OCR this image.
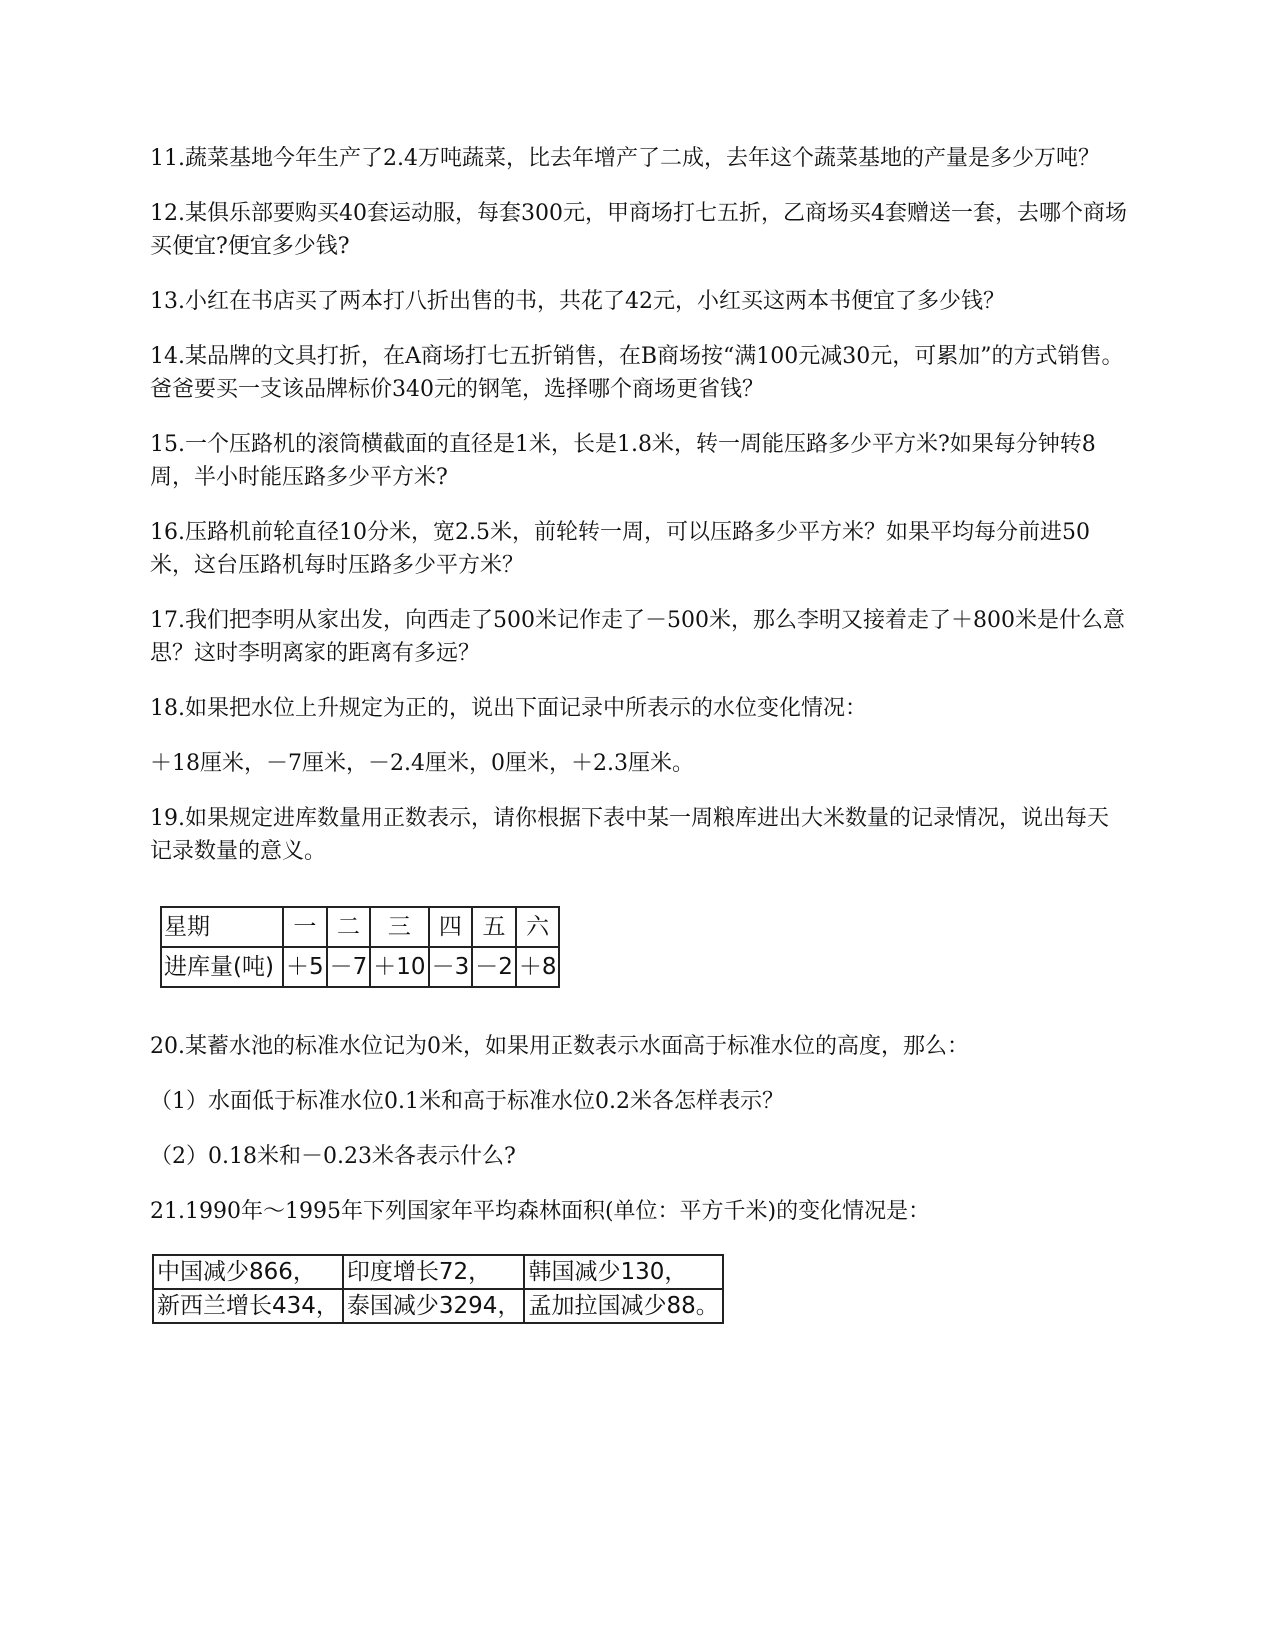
11.蔬菜基地今年生产了2.4万吨蔬菜，比去年增产了二成，去年这个蔬菜基地的产量是多少万吨？

12.某俱乐部要购买40套运动服，每套300元，甲商场打七五折，乙商场买4套赠送一套，去哪个商场买便宜?便宜多少钱?

13.小红在书店买了两本打八折出售的书，共花了42元，小红买这两本书便宜了多少钱？

14.某品牌的文具打折，在A商场打七五折销售，在B商场按“满100元减30元，可累加”的方式销售。爸爸要买一支该品牌标价340元的钢笔，选择哪个商场更省钱？

15.一个压路机的滚筒横截面的直径是1米，长是1.8米，转一周能压路多少平方米?如果每分钟转8周，半小时能压路多少平方米?

16.压路机前轮直径10分米，宽2.5米，前轮转一周，可以压路多少平方米？如果平均每分前进50米，这台压路机每时压路多少平方米？

17.我们把李明从家出发，向西走了500米记作走了－500米，那么李明又接着走了＋800米是什么意思？这时李明离家的距离有多远？

18.如果把水位上升规定为正的，说出下面记录中所表示的水位变化情况：

＋18厘米，－7厘米，－2.4厘米，0厘米，＋2.3厘米。

19.如果规定进库数量用正数表示，请你根据下表中某一周粮库进出大米数量的记录情况，说出每天记录数量的意义。

星期	一	二	三	四	五	六
进库量(吨)	＋5	－7	＋10	－3	－2	＋8

20.某蓄水池的标准水位记为0米，如果用正数表示水面高于标准水位的高度，那么：

（1）水面低于标准水位0.1米和高于标准水位0.2米各怎样表示？

（2）0.18米和－0.23米各表示什么?

21.1990年～1995年下列国家年平均森林面积(单位：平方千米)的变化情况是：

中国减少866，	印度增长72，	韩国减少130，
新西兰增长434，	泰国减少3294，	孟加拉国减少88。
